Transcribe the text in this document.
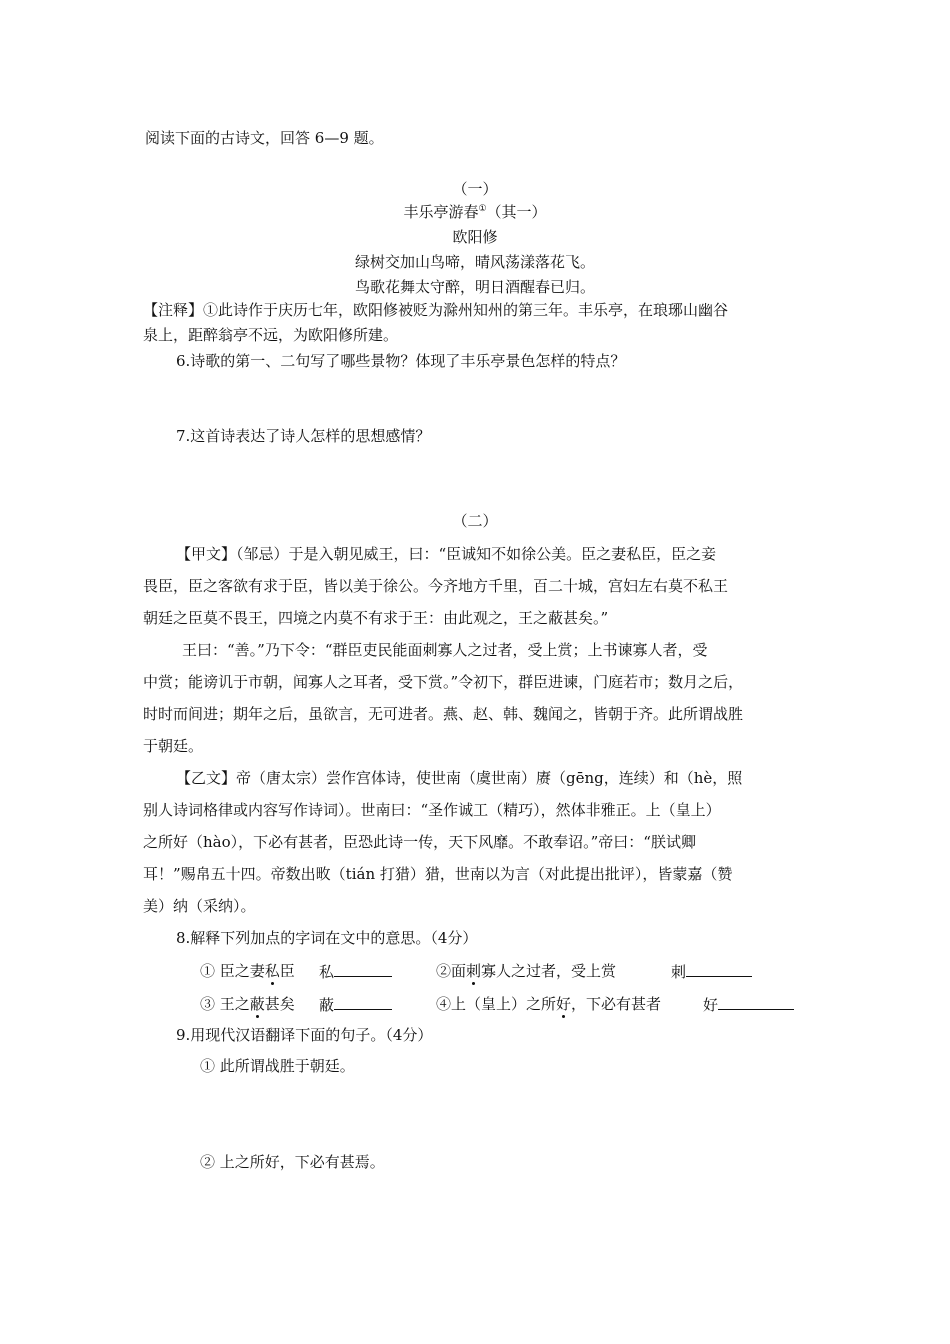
阅读下面的古诗文，回答 6—9 题。
（一）
丰乐亭游春①（其一）
欧阳修
绿树交加山鸟啼，晴风荡漾落花飞。
鸟歌花舞太守醉，明日酒醒春已归。
【注释】①此诗作于庆历七年，欧阳修被贬为滁州知州的第三年。丰乐亭，在琅琊山幽谷
泉上，距醉翁亭不远，为欧阳修所建。
6.诗歌的第一、二句写了哪些景物？体现了丰乐亭景色怎样的特点？
7.这首诗表达了诗人怎样的思想感情？
（二）
【甲文】（邹忌）于是入朝见威王，曰：“臣诚知不如徐公美。臣之妻私臣，臣之妾
畏臣，臣之客欲有求于臣，皆以美于徐公。今齐地方千里，百二十城，宫妇左右莫不私王
朝廷之臣莫不畏王，四境之内莫不有求于王：由此观之，王之蔽甚矣。”
王曰：“善。”乃下令：“群臣吏民能面刺寡人之过者，受上赏；上书谏寡人者，受
中赏；能谤讥于市朝，闻寡人之耳者，受下赏。”令初下，群臣进谏，门庭若市；数月之后，
时时而间进；期年之后，虽欲言，无可进者。燕、赵、韩、魏闻之，皆朝于齐。此所谓战胜
于朝廷。
【乙文】帝（唐太宗）尝作宫体诗，使世南（虞世南）赓（gēng，连续）和（hè，照
别人诗词格律或内容写作诗词）。世南曰：“圣作诚工（精巧），然体非雅正。上（皇上）
之所好（hào），下必有甚者，臣恐此诗一传，天下风靡。不敢奉诏。”帝曰：“朕试卿
耳！”赐帛五十四。帝数出畋（tián 打猎）猎，世南以为言（对此提出批评），皆蒙嘉（赞
美）纳（采纳）。
8.解释下列加点的字词在文中的意思。（4分）
① 臣之妻私臣 私	②面刺寡人之过者，受上赏	刺
③ 王之蔽甚矣 蔽	④上（皇上）之所好，下必有甚者	好
9.用现代汉语翻译下面的句子。（4分）
① 此所谓战胜于朝廷。
② 上之所好，下必有甚焉。
